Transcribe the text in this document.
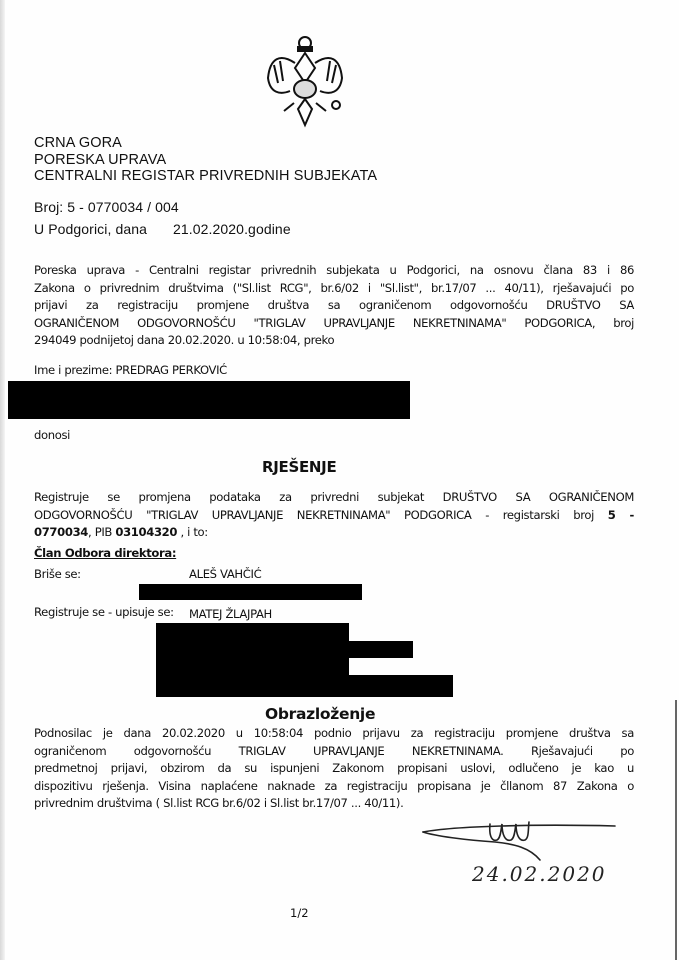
CRNA GORA
PORESKA UPRAVA
CENTRALNI REGISTAR PRIVREDNIH SUBJEKATA
Broj: 5 - 0770034 / 004
U Podgorici, dana 21.02.2020.godine
Poreska uprava - Centralni registar privrednih subjekata u Podgorici, na osnovu člana 83 i 86
Zakona o privrednim društvima ("Sl.list RCG", br.6/02 i "Sl.list", br.17/07 ... 40/11), rješavajući po
prijavi za registraciju promjene društva sa ograničenom odgovornošću DRUŠTVO SA
OGRANIČENOM ODGOVORNOŠĆU "TRIGLAV UPRAVLJANJE NEKRETNINAMA" PODGORICA, broj
294049 podnijetoj dana 20.02.2020. u 10:58:04, preko
Ime i prezime: PREDRAG PERKOVIĆ
donosi
RJEŠENJE
Registruje se promjena podataka za privredni subjekat DRUŠTVO SA OGRANIČENOM
ODGOVORNOŠĆU "TRIGLAV UPRAVLJANJE NEKRETNINAMA" PODGORICA - registarski broj 5 -
0770034, PIB 03104320 , i to:
Član Odbora direktora:
Briše se:	ALEŠ VAHČIĆ
Registruje se - upisuje se: MATEJ ŽLAJPAH
Obrazloženje
Podnosilac je dana 20.02.2020 u 10:58:04 podnio prijavu za registraciju promjene društva sa
ograničenom odgovornošću TRIGLAV UPRAVLJANJE NEKRETNINAMA. Rješavajući po
predmetnoj prijavi, obzirom da su ispunjeni Zakonom propisani uslovi, odlučeno je kao u
dispozitivu rješenja. Visina naplaćene naknade za registraciju propisana je čllanom 87 Zakona o
privrednim društvima ( Sl.list RCG br.6/02 i Sl.list br.17/07 ... 40/11).
24.02.2020
1/2
